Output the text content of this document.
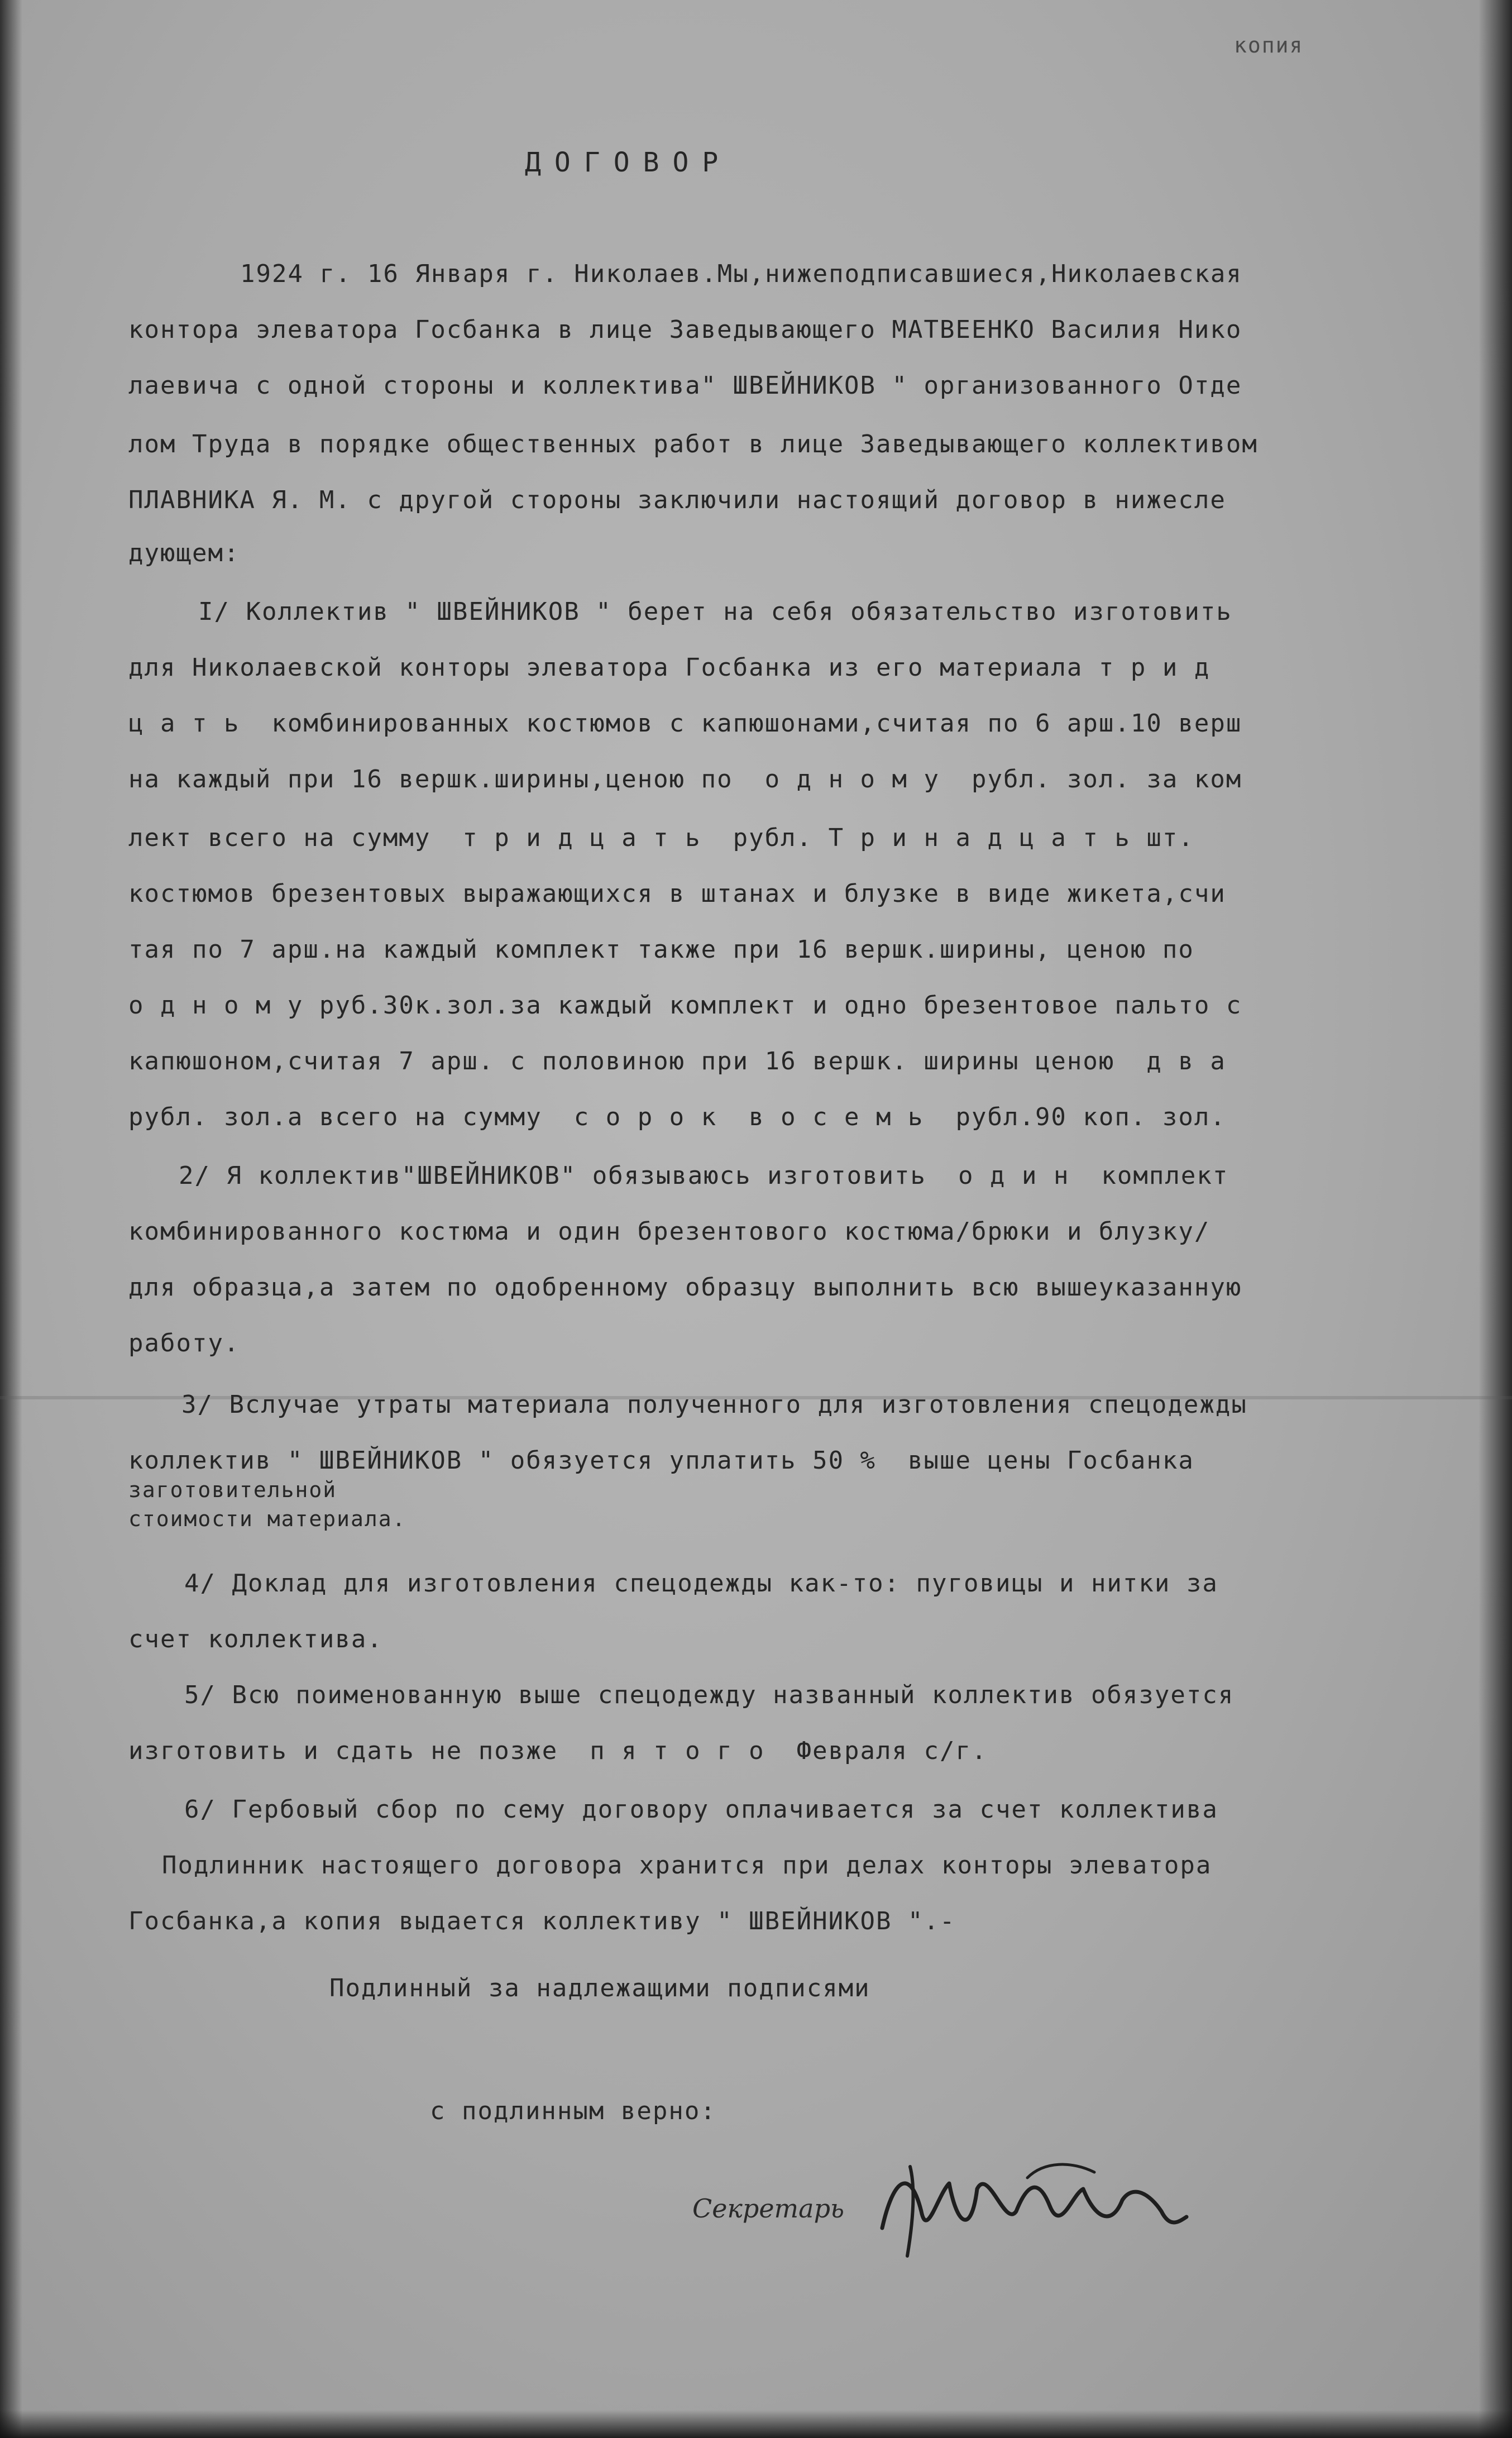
копия
ДОГОВОР
1924 г. 16 Января г. Николаев.Мы,нижеподписавшиеся,Николаевская
контора элеватора Госбанка в лице Заведывающего МАТВЕЕНКО Василия Нико
лаевича с одной стороны и коллектива" ШВЕЙНИКОВ " организованного Отде
лом Труда в порядке общественных работ в лице Заведывающего коллективом
ПЛАВНИКА Я. М. с другой стороны заключили настоящий договор в нижесле
дующем:
I/ Коллектив " ШВЕЙНИКОВ " берет на себя обязательство изготовить
для Николаевской конторы элеватора Госбанка из его материала т р и д
ц а т ь  комбинированных костюмов с капюшонами,считая по 6 арш.10 верш
на каждый при 16 вершк.ширины,ценою по  о д н о м у  рубл. зол. за ком
лект всего на сумму  т р и д ц а т ь  рубл. Т р и н а д ц а т ь шт.
костюмов брезентовых выражающихся в штанах и блузке в виде жикета,счи
тая по 7 арш.на каждый комплект также при 16 вершк.ширины, ценою по
о д н о м у руб.30к.зол.за каждый комплект и одно брезентовое пальто с
капюшоном,считая 7 арш. с половиною при 16 вершк. ширины ценою  д в а
рубл. зол.а всего на сумму  с о р о к  в о с е м ь  рубл.90 коп. зол.
2/ Я коллектив"ШВЕЙНИКОВ" обязываюсь изготовить  о д и н  комплект
комбинированного костюма и один брезентового костюма/брюки и блузку/
для образца,а затем по одобренному образцу выполнить всю вышеуказанную
работу.
3/ Вслучае утраты материала полученного для изготовления спецодежды
коллектив " ШВЕЙНИКОВ " обязуется уплатить 50 %  выше цены Госбанка
заготовительной
стоимости материала.
4/ Доклад для изготовления спецодежды как-то: пуговицы и нитки за
счет коллектива.
5/ Всю поименованную выше спецодежду названный коллектив обязуется
изготовить и сдать не позже  п я т о г о  Февраля с/г.
6/ Гербовый сбор по сему договору оплачивается за счет коллектива
Подлинник настоящего договора хранится при делах конторы элеватора
Госбанка,а копия выдается коллективу " ШВЕЙНИКОВ ".-
Подлинный за надлежащими подписями
с подлинным верно:
Секретарь
